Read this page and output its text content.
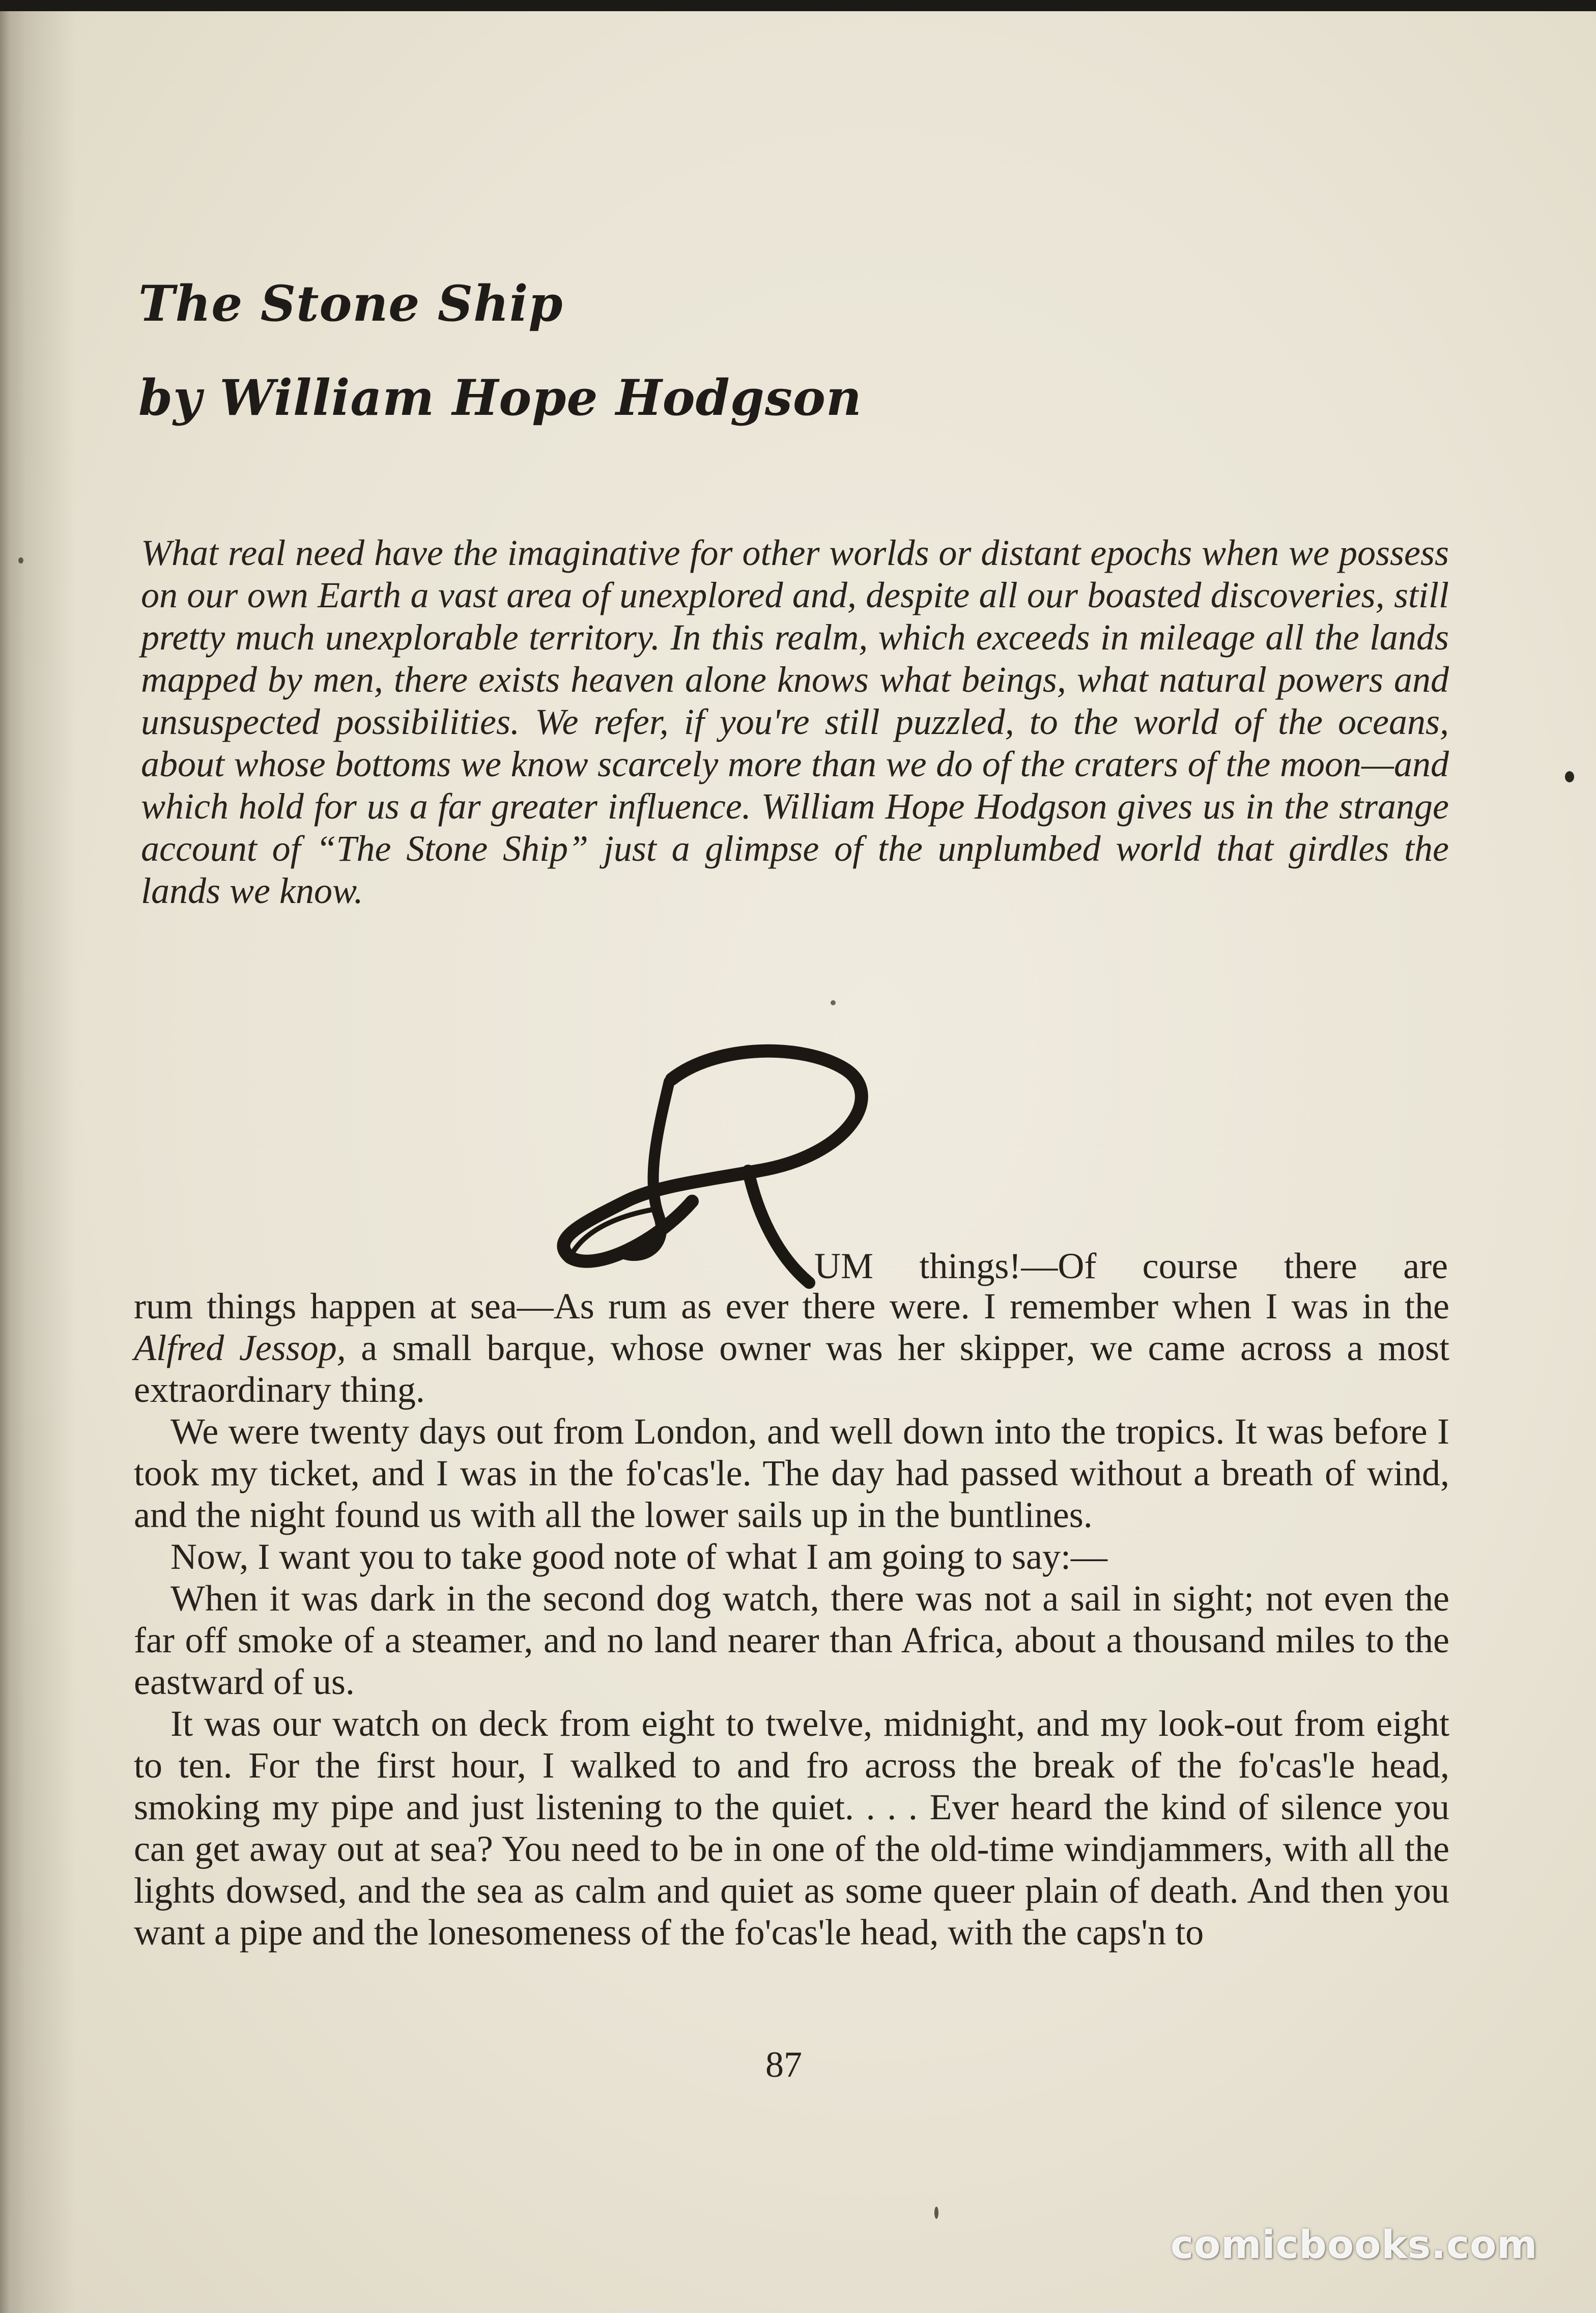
The Stone Ship
by William Hope Hodgson

What real need have the imaginative for other worlds or distant epochs when we possess on our own Earth a vast area of unexplored and, despite all our boasted discoveries, still pretty much unexplorable territory. In this realm, which exceeds in mileage all the lands mapped by men, there exists heaven alone knows what beings, what natural powers and unsuspected possibilities. We refer, if you're still puzzled, to the world of the oceans, about whose bottoms we know scarcely more than we do of the craters of the moon—and which hold for us a far greater influence. William Hope Hodgson gives us in the strange account of “The Stone Ship” just a glimpse of the unplumbed world that girdles the lands we know.

UM things!—Of course there are

rum things happen at sea—As rum as ever there were. I remember when I was in the Alfred Jessop, a small barque, whose owner was her skipper, we came across a most extraordinary thing.

We were twenty days out from London, and well down into the tropics. It was before I took my ticket, and I was in the fo'cas'le. The day had passed without a breath of wind, and the night found us with all the lower sails up in the buntlines.

Now, I want you to take good note of what I am going to say:—

When it was dark in the second dog watch, there was not a sail in sight; not even the far off smoke of a steamer, and no land nearer than Africa, about a thousand miles to the eastward of us.

It was our watch on deck from eight to twelve, midnight, and my look-out from eight to ten. For the first hour, I walked to and fro across the break of the fo'cas'le head, smoking my pipe and just listening to the quiet. . . . Ever heard the kind of silence you can get away out at sea? You need to be in one of the old-time windjammers, with all the lights dowsed, and the sea as calm and quiet as some queer plain of death. And then you want a pipe and the lonesomeness of the fo'cas'le head, with the caps'n to

87

comicbooks.com
